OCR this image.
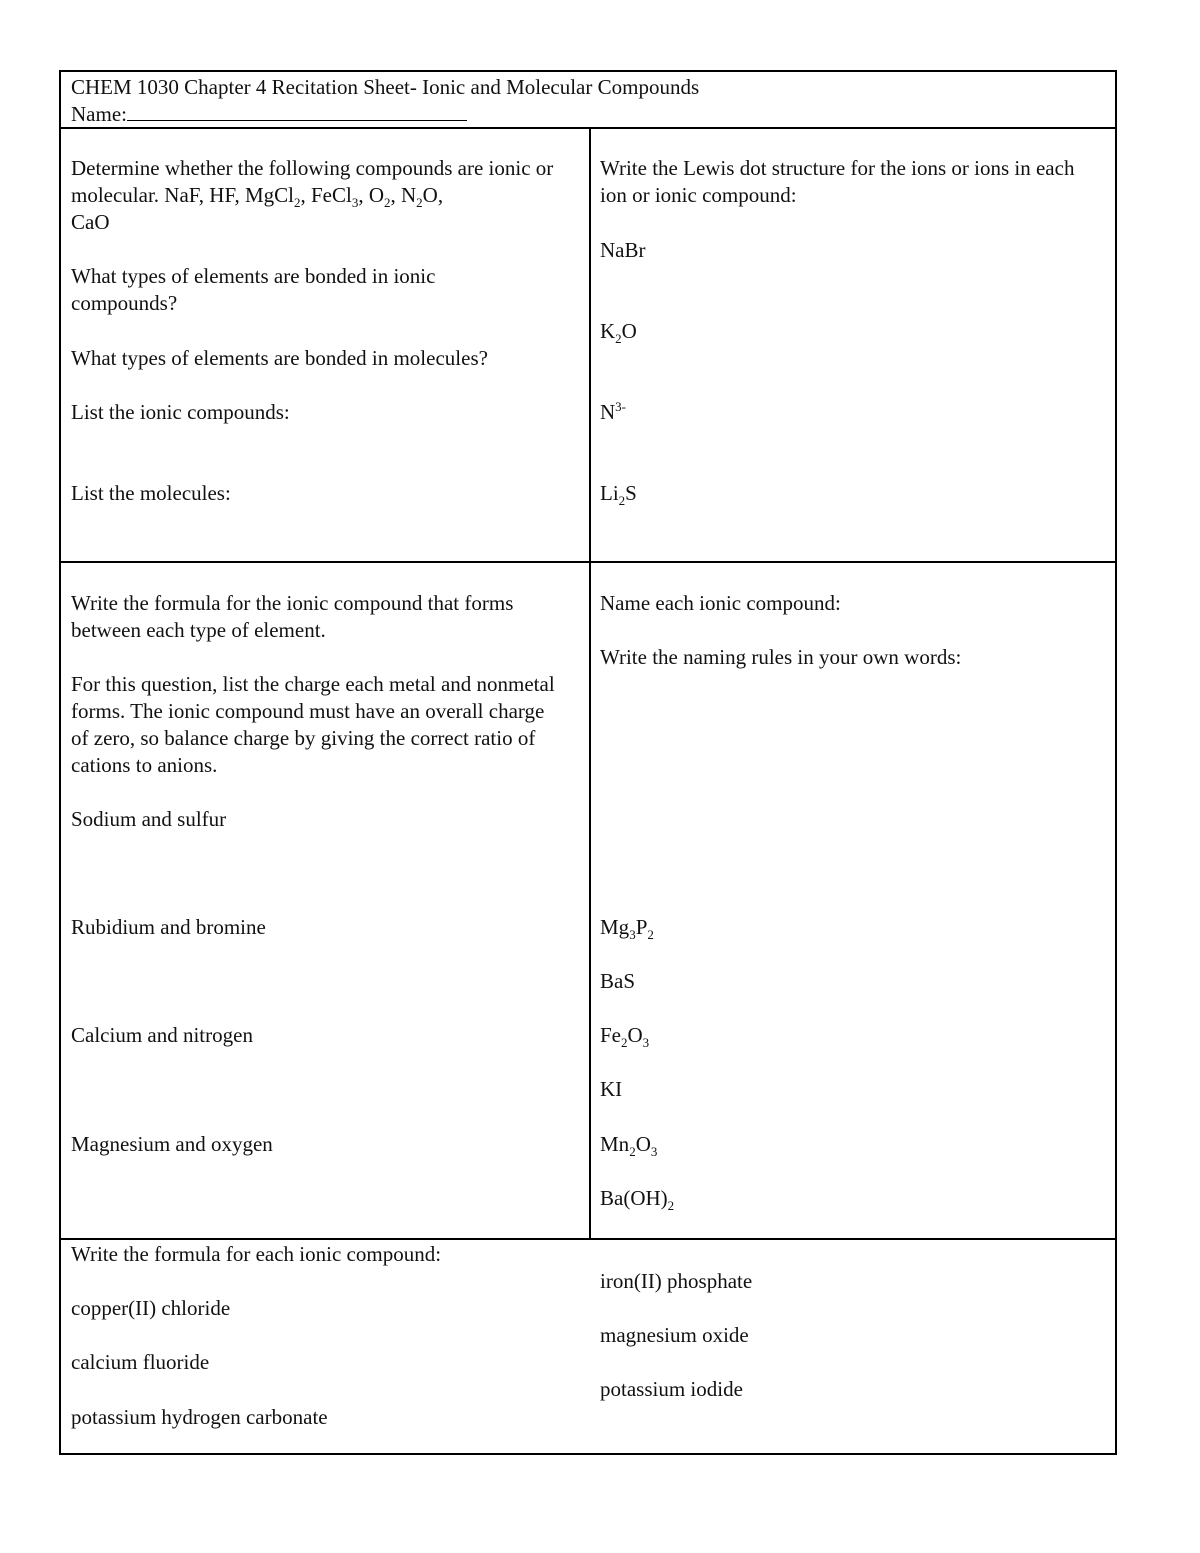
CHEM 1030 Chapter 4 Recitation Sheet- Ionic and Molecular Compounds
Name:
Determine whether the following compounds are ionic or molecular. NaF, HF, MgCl$_2$, FeCl$_3$, $O_2$, $N_2O$,
CaO
What types of elements are bonded in ionic compounds?
What types of elements are bonded in molecules?
List the ionic compounds:
List the molecules:
Write the Lewis dot structure for the ions or ions in each ion or ionic compound:
NaBr
$K_2O$
$N^{3-}$
$Li_2S$
Write the formula for the ionic compound that forms between each type of element.
For this question, list the charge each metal and nonmetal forms. The ionic compound must have an overall charge of zero, so balance charge by giving the correct ratio of cations to anions.
Sodium and sulfur
Rubidium and bromine
Calcium and nitrogen
Magnesium and oxygen
Name each ionic compound:
Write the naming rules in your own words:
$Mg_3P_2$
BaS
$Fe_2O_3$
KI
$Mn_2O_3$
$Ba(OH)_2$
Write the formula for each ionic compound:
copper(II) chloride
calcium fluoride
potassium hydrogen carbonate
iron(II) phosphate
magnesium oxide
potassium iodide
